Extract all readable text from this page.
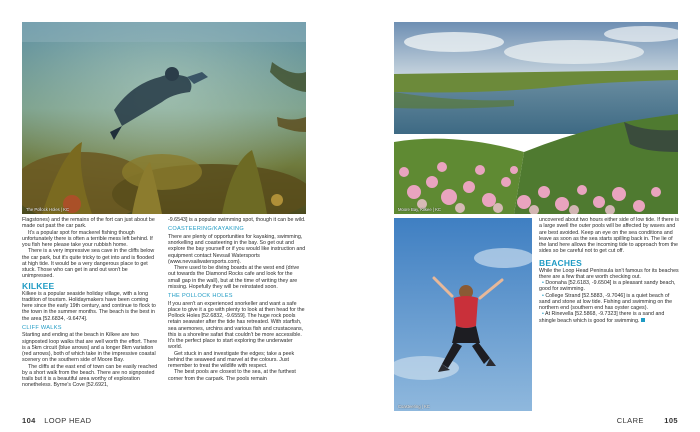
The Pollock Holes | KC

Flagstones) and the remains of the fort can just about be made out past the car park.

It's a popular spot for mackerel fishing though unfortunately there is often a terrible mess left behind. If you fish here please take your rubbish home.

There is a very impressive sea cave in the cliffs below the car park, but it's quite tricky to get into and is flooded at high tide. It would be a very dangerous place to get stuck. Those who can get in and out won't be unimpressed.

KILKEE

Kilkee is a popular seaside holiday village, with a long tradition of tourism. Holidaymakers have been coming here since the early 19th century, and continue to flock to the town in the summer months. The beach is the best in the area [52.6834, -9.6474].

CLIFF WALKS

Starting and ending at the beach in Kilkee are two signposted loop walks that are well worth the effort. There is a 5km circuit (blue arrows) and a longer 8km variation (red arrows), both of which take in the impressive coastal scenery on the southern side of Moore Bay.

The cliffs at the east end of town can be easily reached by a short walk from the beach. There are no signposted trails but it is a beautiful area worthy of exploration nonetheless. Byrne's Cove [52.6921,

-9.6543] is a popular swimming spot, though it can be wild.

COASTEERING/KAYAKING

There are plenty of opportunities for kayaking, swimming, snorkelling and coasteering in the bay. So get out and explore the bay yourself or if you would like instruction and equipment contact Nevsail Watersports (www.nevsailwatersports.com).

There used to be diving boards at the west end (drive out towards the Diamond Rocks cafe and look for the small gap in the wall), but at the time of writing they are missing. Hopefully they will be reinstated soon.

THE POLLOCK HOLES

If you aren't an experienced snorkeller and want a safe place to give it a go with plenty to look at then head for the Pollock Holes [52.6832, -9.6559]. The huge rock pools retain seawater after the tide has retreated. With starfish, sea anemones, urchins and various fish and crustaceans, this is a shoreline safari that couldn't be more accessible. It's the perfect place to start exploring the underwater world.

Get stuck in and investigate the edges; take a peek behind the seaweed and marvel at the colours. Just remember to treat the wildlife with respect.

The best pools are closest to the sea, at the furthest corner from the carpark. The pools remain

104 LOOP HEAD
Moore Bay, Kilkee | KC
Coasteering | KC

uncovered about two hours either side of low tide. If there is a large swell the outer pools will be affected by waves and are best avoided. Keep an eye on the sea conditions and leave as soon as the sea starts spilling back in. The lie of the land here allows the incoming tide to approach from the sides so be careful not to get cut off.

BEACHES

While the Loop Head Peninsula isn't famous for its beaches there are a few that are worth checking out.

• Doonaha [52.6183, -9.6504] is a pleasant sandy beach, good for swimming.

• College Strand [52.5883, -9.7046] is a quiet beach of sand and stone at low tide. Fishing and swimming on the northern end (southern end has oyster cages).

• At Rinevella [52.5868, -9.7323] there is a sand and shingle beach which is good for swimming.

CLARE	105
